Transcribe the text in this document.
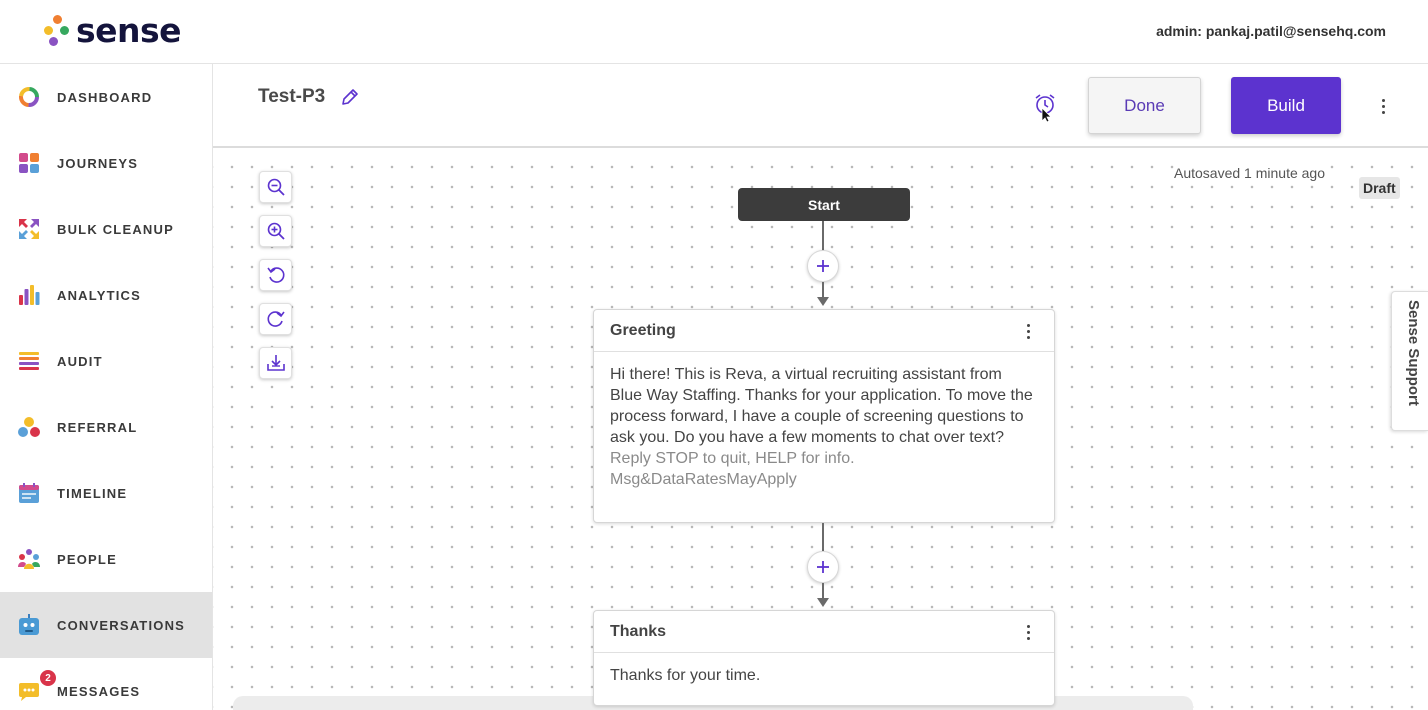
sense	admin: pankaj.patil@sensehq.com
DASHBOARD
JOURNEYS
BULK CLEANUP
ANALYTICS
AUDIT
REFERRAL
TIMELINE
PEOPLE
CONVERSATIONS
2
MESSAGES
Test-P3	Done	Build
Autosaved 1 minute ago
Draft
Sense Support
Start
Greeting
Hi there! This is Reva, a virtual recruiting assistant from Blue Way Staffing. Thanks for your application. To move the process forward, I have a couple of screening questions to ask you. Do you have a few moments to chat over text?
Reply STOP to quit, HELP for info. Msg&DataRatesMayApply
Thanks
Thanks for your time.
